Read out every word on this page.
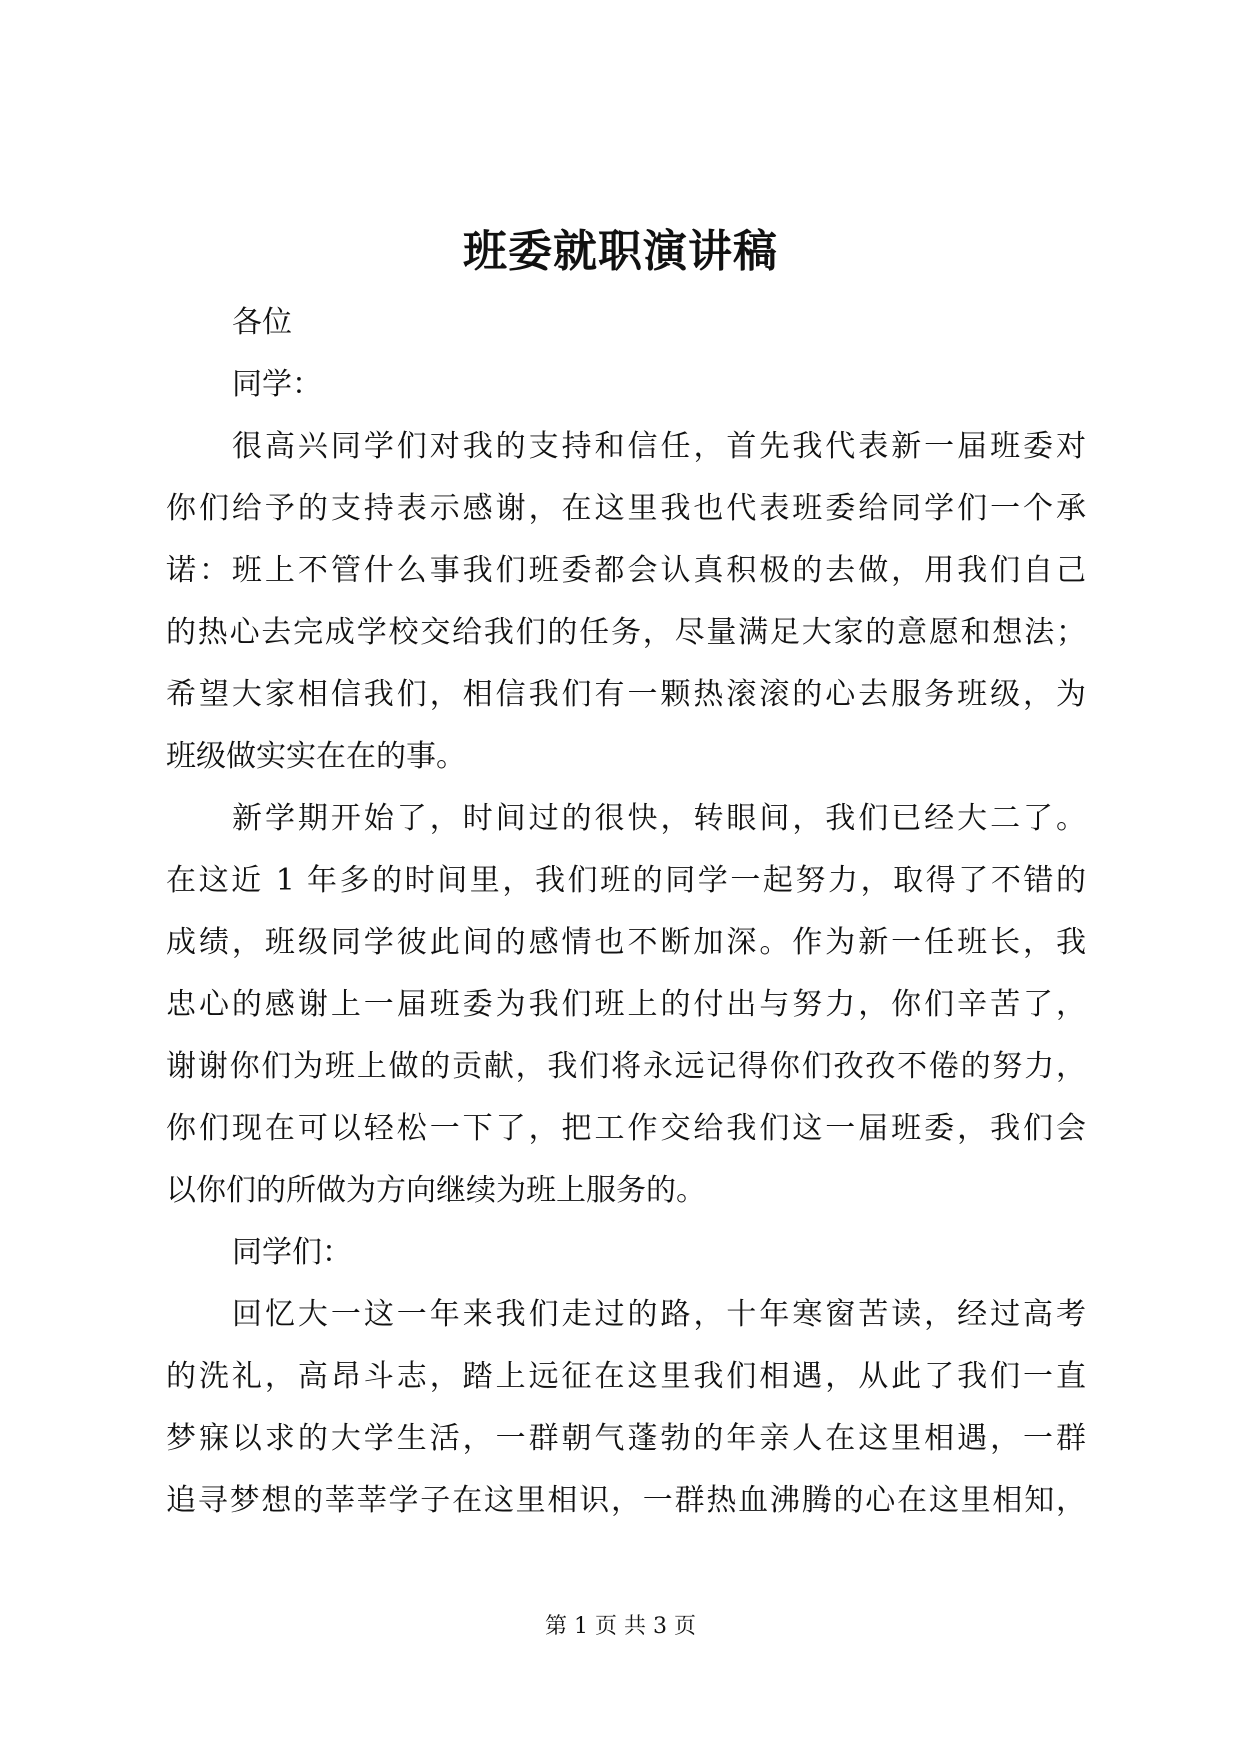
班委就职演讲稿
各位
同学：
很高兴同学们对我的支持和信任，首先我代表新一届班委对
你们给予的支持表示感谢，在这里我也代表班委给同学们一个承
诺：班上不管什么事我们班委都会认真积极的去做，用我们自己
的热心去完成学校交给我们的任务，尽量满足大家的意愿和想法；
希望大家相信我们，相信我们有一颗热滚滚的心去服务班级，为
班级做实实在在的事。
新学期开始了，时间过的很快，转眼间，我们已经大二了。
在这近 1 年多的时间里，我们班的同学一起努力，取得了不错的
成绩，班级同学彼此间的感情也不断加深。作为新一任班长，我
忠心的感谢上一届班委为我们班上的付出与努力，你们辛苦了，
谢谢你们为班上做的贡献，我们将永远记得你们孜孜不倦的努力，
你们现在可以轻松一下了，把工作交给我们这一届班委，我们会
以你们的所做为方向继续为班上服务的。
同学们：
回忆大一这一年来我们走过的路，十年寒窗苦读，经过高考
的洗礼，高昂斗志，踏上远征在这里我们相遇，从此了我们一直
梦寐以求的大学生活，一群朝气蓬勃的年亲人在这里相遇，一群
追寻梦想的莘莘学子在这里相识，一群热血沸腾的心在这里相知，
第 1 页 共 3 页
